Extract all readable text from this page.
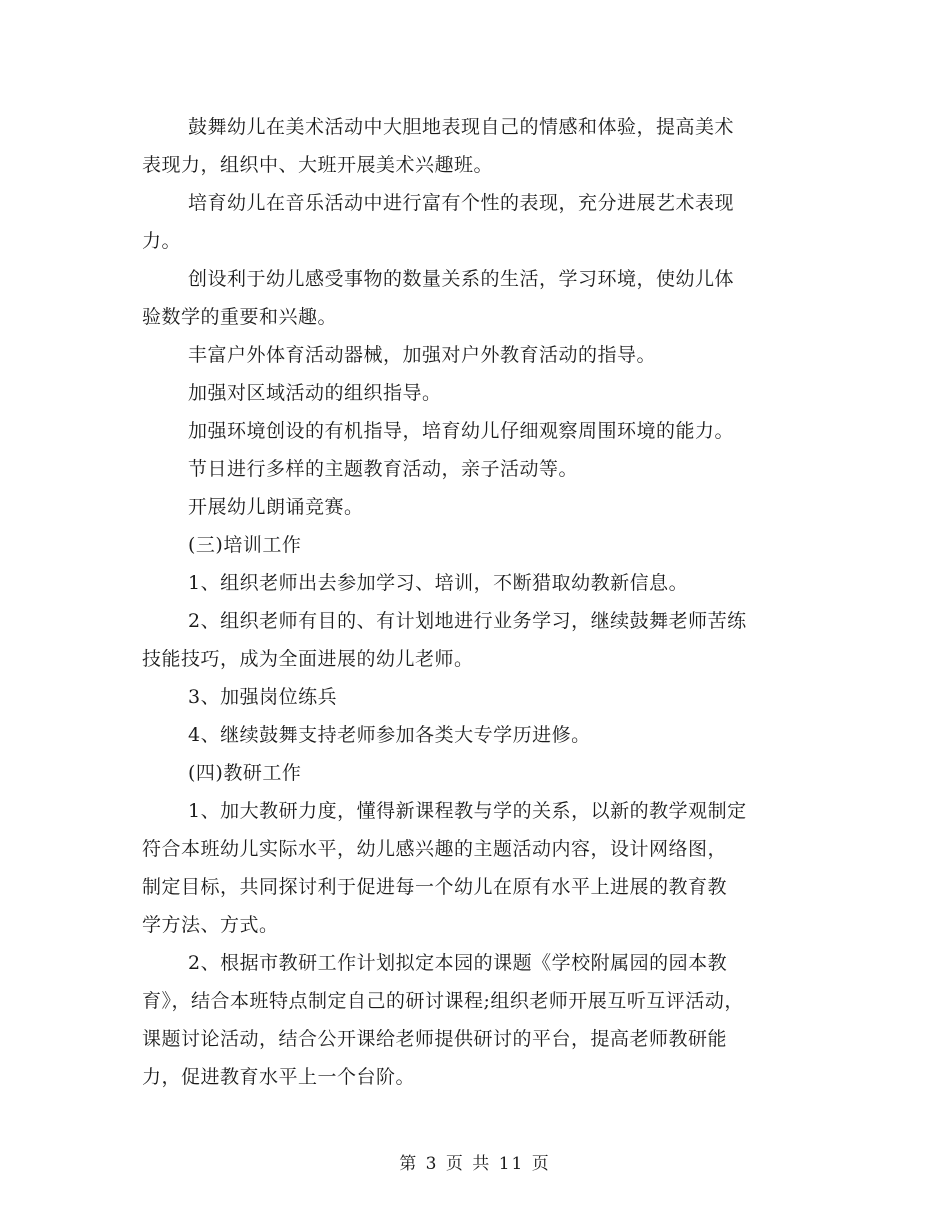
鼓舞幼儿在美术活动中大胆地表现自己的情感和体验，提高美术
表现力，组织中、大班开展美术兴趣班。
培育幼儿在音乐活动中进行富有个性的表现，充分进展艺术表现
力。
创设利于幼儿感受事物的数量关系的生活，学习环境，使幼儿体
验数学的重要和兴趣。
丰富户外体育活动器械，加强对户外教育活动的指导。
加强对区域活动的组织指导。
加强环境创设的有机指导，培育幼儿仔细观察周围环境的能力。
节日进行多样的主题教育活动，亲子活动等。
开展幼儿朗诵竞赛。
(三)培训工作
1、组织老师出去参加学习、培训，不断猎取幼教新信息。
2、组织老师有目的、有计划地进行业务学习，继续鼓舞老师苦练
技能技巧，成为全面进展的幼儿老师。
3、加强岗位练兵
4、继续鼓舞支持老师参加各类大专学历进修。
(四)教研工作
1、加大教研力度，懂得新课程教与学的关系，以新的教学观制定
符合本班幼儿实际水平，幼儿感兴趣的主题活动内容，设计网络图，
制定目标，共同探讨利于促进每一个幼儿在原有水平上进展的教育教
学方法、方式。
2、根据市教研工作计划拟定本园的课题《学校附属园的园本教
育》，结合本班特点制定自己的研讨课程;组织老师开展互听互评活动，
课题讨论活动，结合公开课给老师提供研讨的平台，提高老师教研能
力，促进教育水平上一个台阶。
第 3 页 共 11 页
